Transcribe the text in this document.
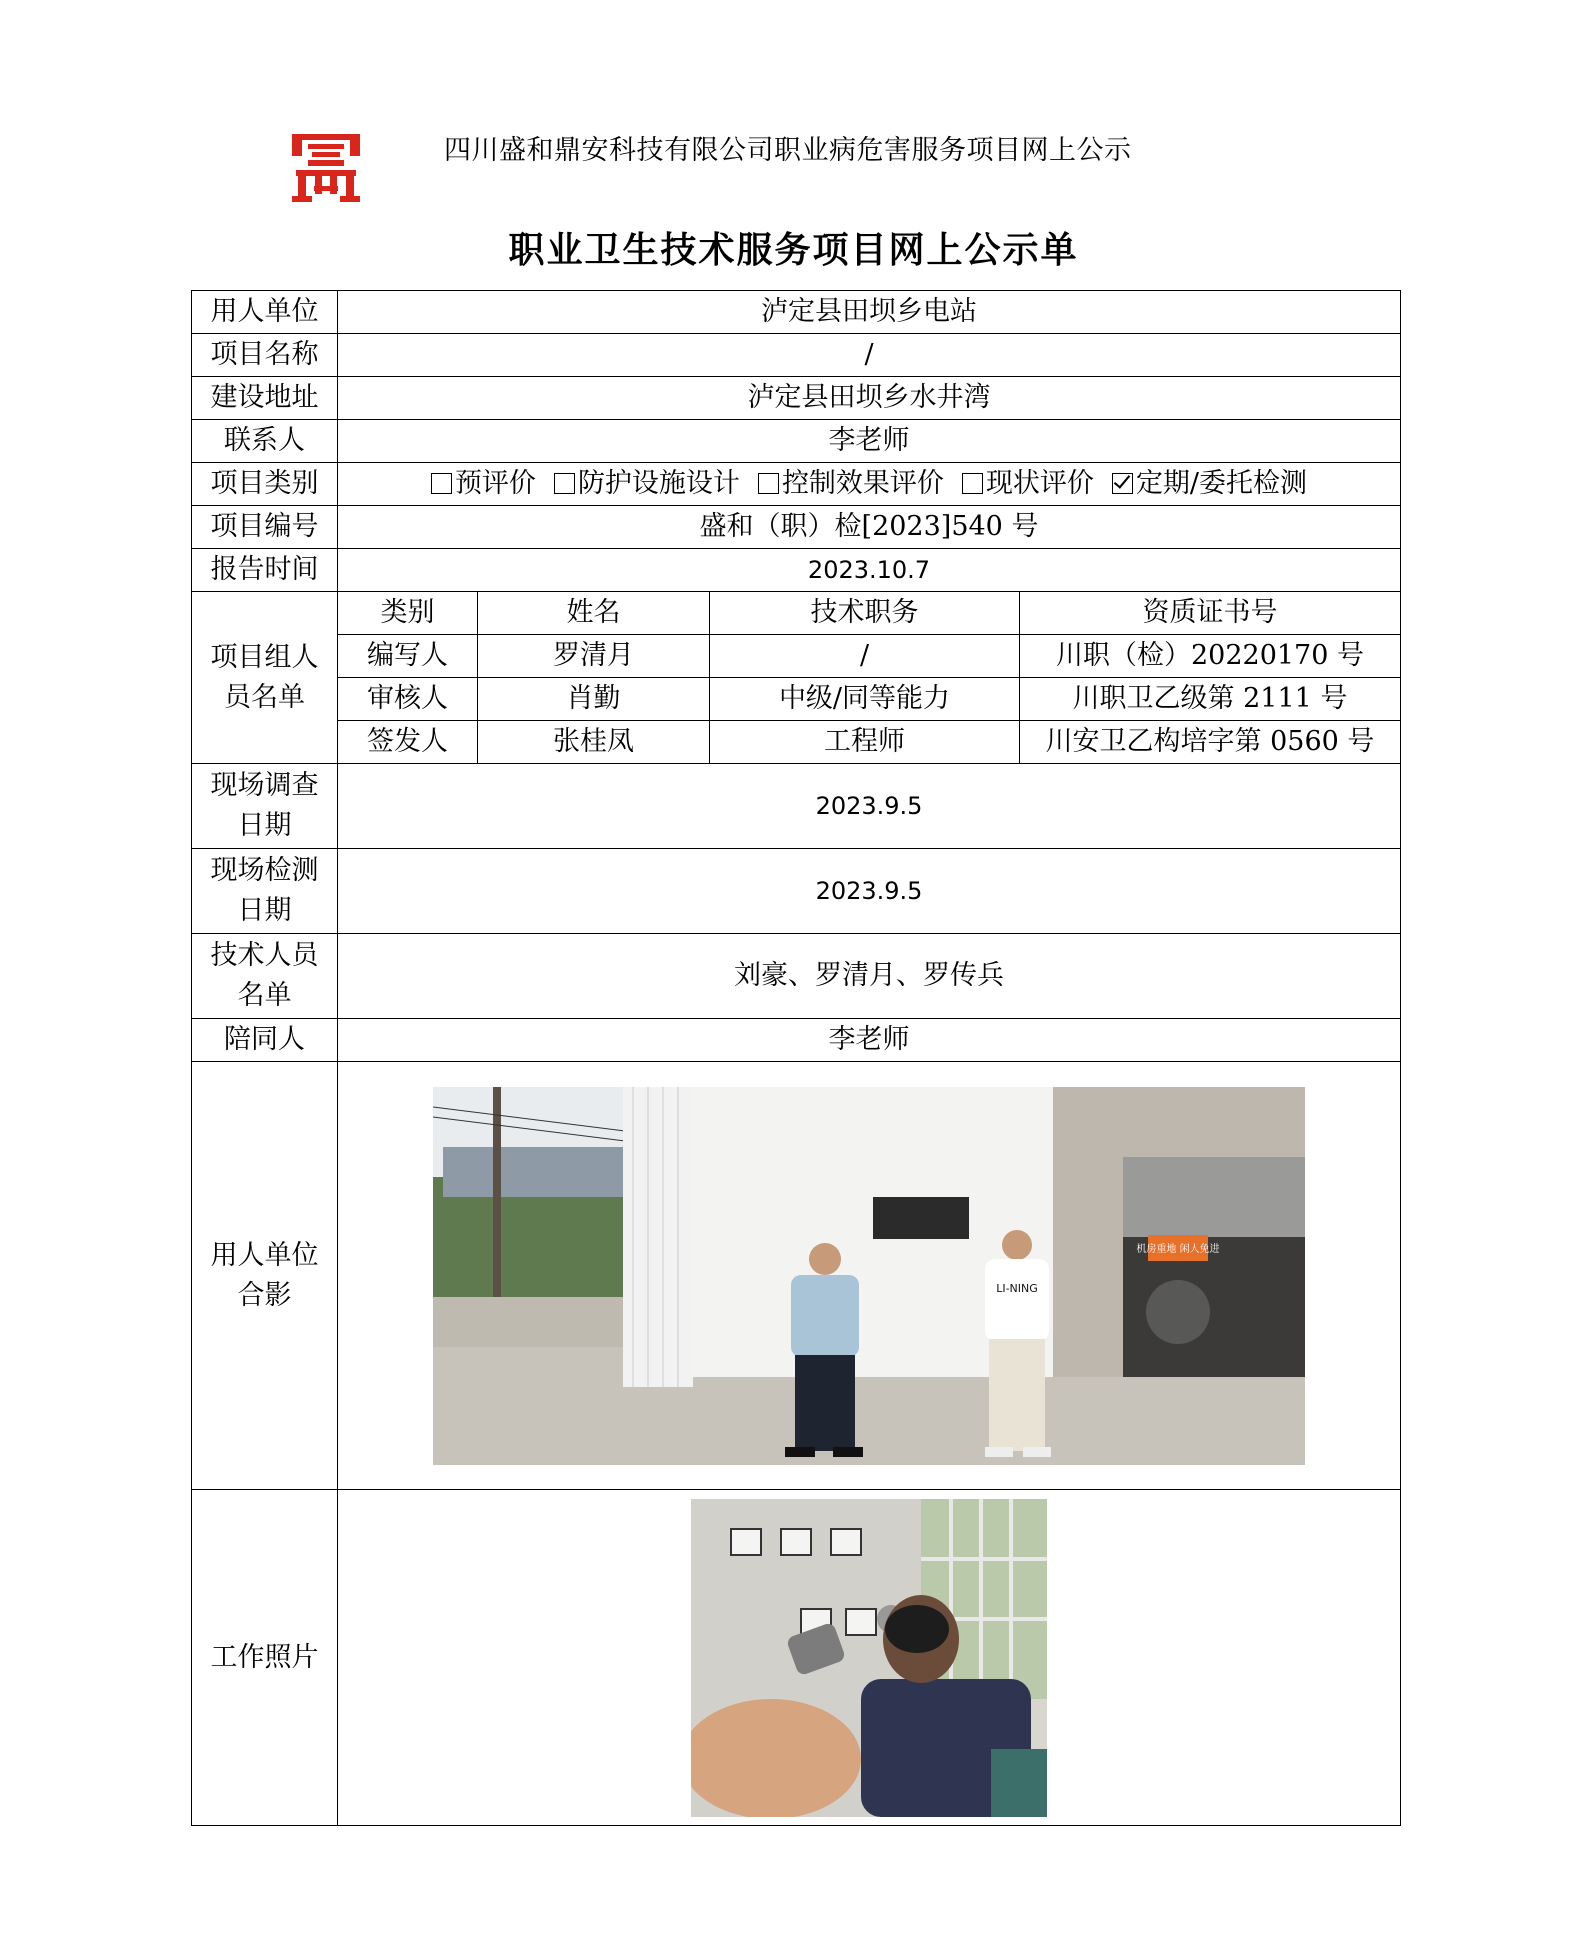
四川盛和鼎安科技有限公司职业病危害服务项目网上公示
职业卫生技术服务项目网上公示单
用人单位	泸定县田坝乡电站			
项目名称	/			
建设地址	泸定县田坝乡水井湾			
联系人	李老师			
项目类别	预评价 防护设施设计 控制效果评价 现状评价 定期/委托检测			
项目编号	盛和（职）检[2023]540 号			
报告时间	2023.10.7			
项目组人
员名单	类别	姓名	技术职务	资质证书号
	编写人	罗清月	/	川职（检）20220170 号
	审核人	肖勤	中级/同等能力	川职卫乙级第 2111 号
	签发人	张桂凤	工程师	川安卫乙构培字第 0560 号
现场调查
日期	2023.9.5			
现场检测
日期	2023.9.5			
技术人员
名单	刘豪、罗清月、罗传兵			
陪同人	李老师			
用人单位
合影	机房重地 闲人免进
LI-NING			

工作照片	
